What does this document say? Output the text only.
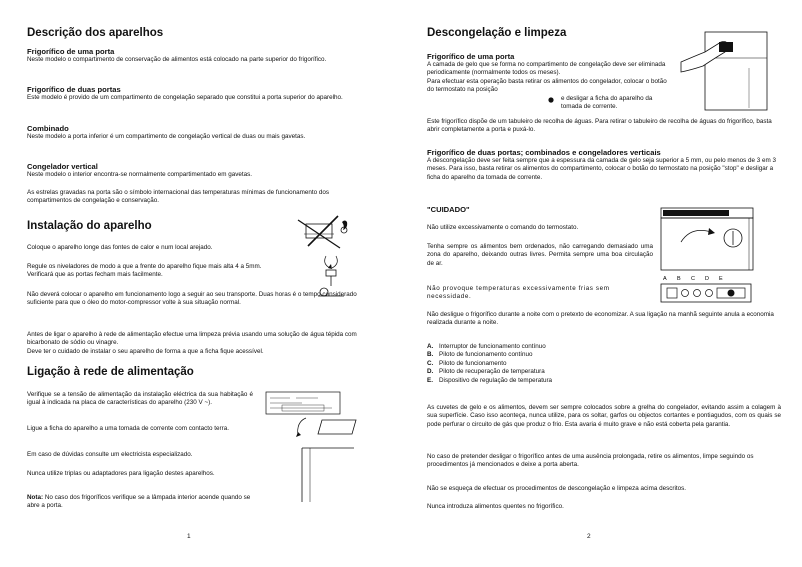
Descrição dos aparelhos
Frigorífico de uma porta

Neste modelo o compartimento de conservação de alimentos está colocado na parte superior do frigorífico.

Frigorífico de duas portas

Este modelo é provido de um compartimento de congelação separado que constitui a porta superior do aparelho.

Combinado

Neste modelo a porta inferior é um compartimento de congelação vertical de duas ou mais gavetas.

Congelador vertical

Neste modelo o interior encontra-se normalmente compartimentado em gavetas.

As estrelas gravadas na porta são o símbolo internacional das temperaturas mínimas de funcionamento dos compartimentos de congelação e conservação.

Instalação do aparelho

Coloque o aparelho longe das fontes de calor e num local arejado.

Regule os niveladores de modo a que a frente do aparelho fique mais alta 4 a 5mm. Verificará que as portas fecham mais facilmente.

Não deverá colocar o aparelho em funcionamento logo a seguir ao seu transporte. Duas horas é o tempo considerado suficiente para que o óleo do motor-compressor volte à sua situação normal.

Antes de ligar o aparelho à rede de alimentação efectue uma limpeza prévia usando uma solução de água tépida com bicarbonato de sódio ou vinagre.

Deve ter o cuidado de instalar o seu aparelho de forma a que a ficha fique acessível.

Ligação à rede de alimentação

Verifique se a tensão de alimentação da instalação eléctrica da sua habitação é igual à indicada na placa de características do aparelho (230 V ~).

Ligue a ficha do aparelho a uma tomada de corrente com contacto terra.

Em caso de dúvidas consulte um electricista especializado.

Nunca utilize triplas ou adaptadores para ligação destes aparelhos.

Nota: No caso dos frigoríficos verifique se a lâmpada interior acende quando se abre a porta.

1
Descongelação e limpeza
Frigorífico de uma porta

A camada de gelo que se forma no compartimento de congelação deve ser eliminada periodicamente (normalmente todos os meses).

Para efectuar esta operação basta retirar os alimentos do congelador, colocar o botão do termostato na posição

e desligar a ficha do aparelho da tomada de corrente.

Este frigorífico dispõe de um tabuleiro de recolha de águas. Para retirar o tabuleiro de recolha de águas do frigorífico, basta abrir completamente a porta e puxá-lo.

Frigorífico de duas portas; combinados e congeladores verticais

A descongelação deve ser feita sempre que a espessura da camada de gelo seja superior a 5 mm, ou pelo menos de 3 em 3 meses. Para isso, basta retirar os alimentos do compartimento, colocar o botão do termostato na posição "stop" e desligar a ficha do aparelho da tomada de corrente.

"CUIDADO"

Não utilize excessivamente o comando do termostato.

Tenha sempre os alimentos bem ordenados, não carregando demasiado uma zona do aparelho, deixando outras livres. Permita sempre uma boa circulação de ar.

Não provoque temperaturas excessivamente frias sem necessidade.

A B C D E

Não desligue o frigorífico durante a noite com o pretexto de economizar. A sua ligação na manhã seguinte anula a economia realizada durante a noite.

A. Interruptor de funcionamento contínuo
B. Piloto de funcionamento contínuo
C. Piloto de funcionamento
D. Piloto de recuperação de temperatura
E. Dispositivo de regulação de temperatura

As cuvetes de gelo e os alimentos, devem ser sempre colocados sobre a grelha do congelador, evitando assim a colagem à sua superfície. Caso isso aconteça, nunca utilize, para os soltar, garfos ou objectos cortantes e pontiagudos, com os quais se pode perfurar o circuito de gás que produz o frio. Esta avaria é muito grave e não está coberta pela garantia.

No caso de pretender desligar o frigorífico antes de uma ausência prolongada, retire os alimentos, limpe seguindo os procedimentos já mencionados e deixe a porta aberta.

Não se esqueça de efectuar os procedimentos de descongelação e limpeza acima descritos.

Nunca introduza alimentos quentes no frigorífico.

2
